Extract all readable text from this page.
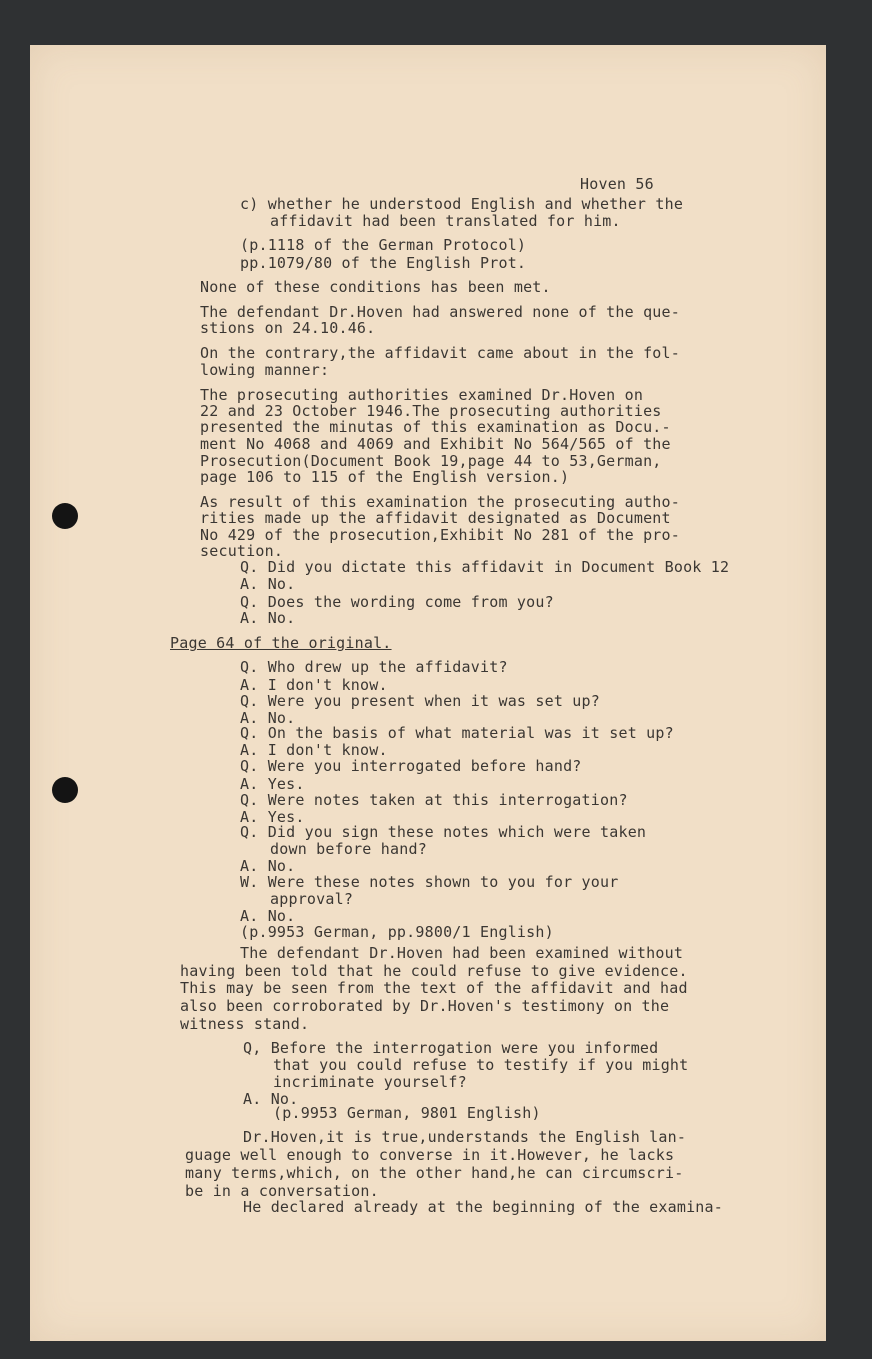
Hoven 56
c) whether he understood English and whether the
affidavit had been translated for him.
(p.1118 of the German Protocol)
pp.1079/80 of the English Prot.
None of these conditions has been met.
The defendant Dr.Hoven had answered none of the que-
stions on 24.10.46.
On the contrary,the affidavit came about in the fol-
lowing manner:
The prosecuting authorities examined Dr.Hoven on
22 and 23 October 1946.The prosecuting authorities
presented the minutas of this examination as Docu.-
ment No 4068 and 4069 and Exhibit No 564/565 of the
Prosecution(Document Book 19,page 44 to 53,German,
page 106 to 115 of the English version.)
As result of this examination the prosecuting autho-
rities made up the affidavit designated as Document
No 429 of the prosecution,Exhibit No 281 of the pro-
secution.
Q. Did you dictate this affidavit in Document Book 12
A. No.
Q. Does the wording come from you?
A. No.
Page 64 of the original.
Q. Who drew up the affidavit?
A. I don't know.
Q. Were you present when it was set up?
A. No.
Q. On the basis of what material was it set up?
A. I don't know.
Q. Were you interrogated before hand?
A. Yes.
Q. Were notes taken at this interrogation?
A. Yes.
Q. Did you sign these notes which were taken
down before hand?
A. No.
W. Were these notes shown to you for your
approval?
A. No.
(p.9953 German, pp.9800/1 English)
The defendant Dr.Hoven had been examined without
having been told that he could refuse to give evidence.
This may be seen from the text of the affidavit and had
also been corroborated by Dr.Hoven's testimony on the
witness stand.
Q, Before the interrogation were you informed
that you could refuse to testify if you might
incriminate yourself?
A. No.
(p.9953 German, 9801 English)
Dr.Hoven,it is true,understands the English lan-
guage well enough to converse in it.However, he lacks
many terms,which, on the other hand,he can circumscri-
be in a conversation.
He declared already at the beginning of the examina-
